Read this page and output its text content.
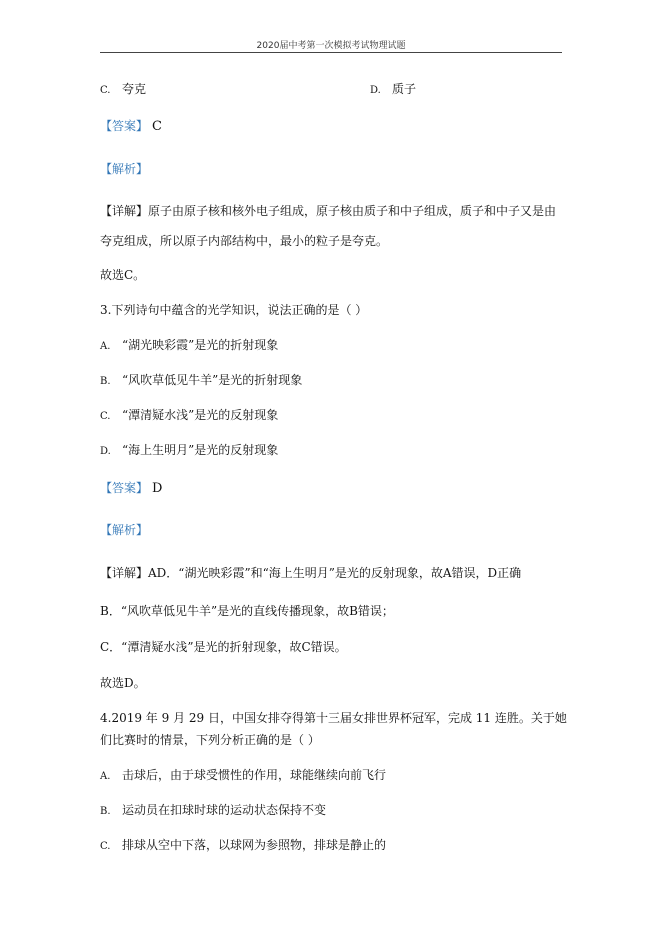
2020届中考第一次模拟考试物理试题
C. 夸克	D. 质子
【答案】 C
【解析】
【详解】原子由原子核和核外电子组成，原子核由质子和中子组成，质子和中子又是由
夸克组成，所以原子内部结构中，最小的粒子是夸克。
故选C。
3.下列诗句中蕴含的光学知识，说法正确的是（ ）
A. “湖光映彩霞”是光的折射现象
B. “风吹草低见牛羊”是光的折射现象
C. “潭清疑水浅”是光的反射现象
D. “海上生明月”是光的反射现象
【答案】 D
【解析】
【详解】AD．“湖光映彩霞”和“海上生明月”是光的反射现象，故A错误，D正确
B．“风吹草低见牛羊”是光的直线传播现象，故B错误；
C．“潭清疑水浅”是光的折射现象，故C错误。
故选D。
4.2019 年 9 月 29 日，中国女排夺得第十三届女排世界杯冠军，完成 11 连胜。关于她
们比赛时的情景，下列分析正确的是（ ）
A. 击球后，由于球受惯性的作用，球能继续向前飞行
B. 运动员在扣球时球的运动状态保持不变
C. 排球从空中下落，以球网为参照物，排球是静止的
